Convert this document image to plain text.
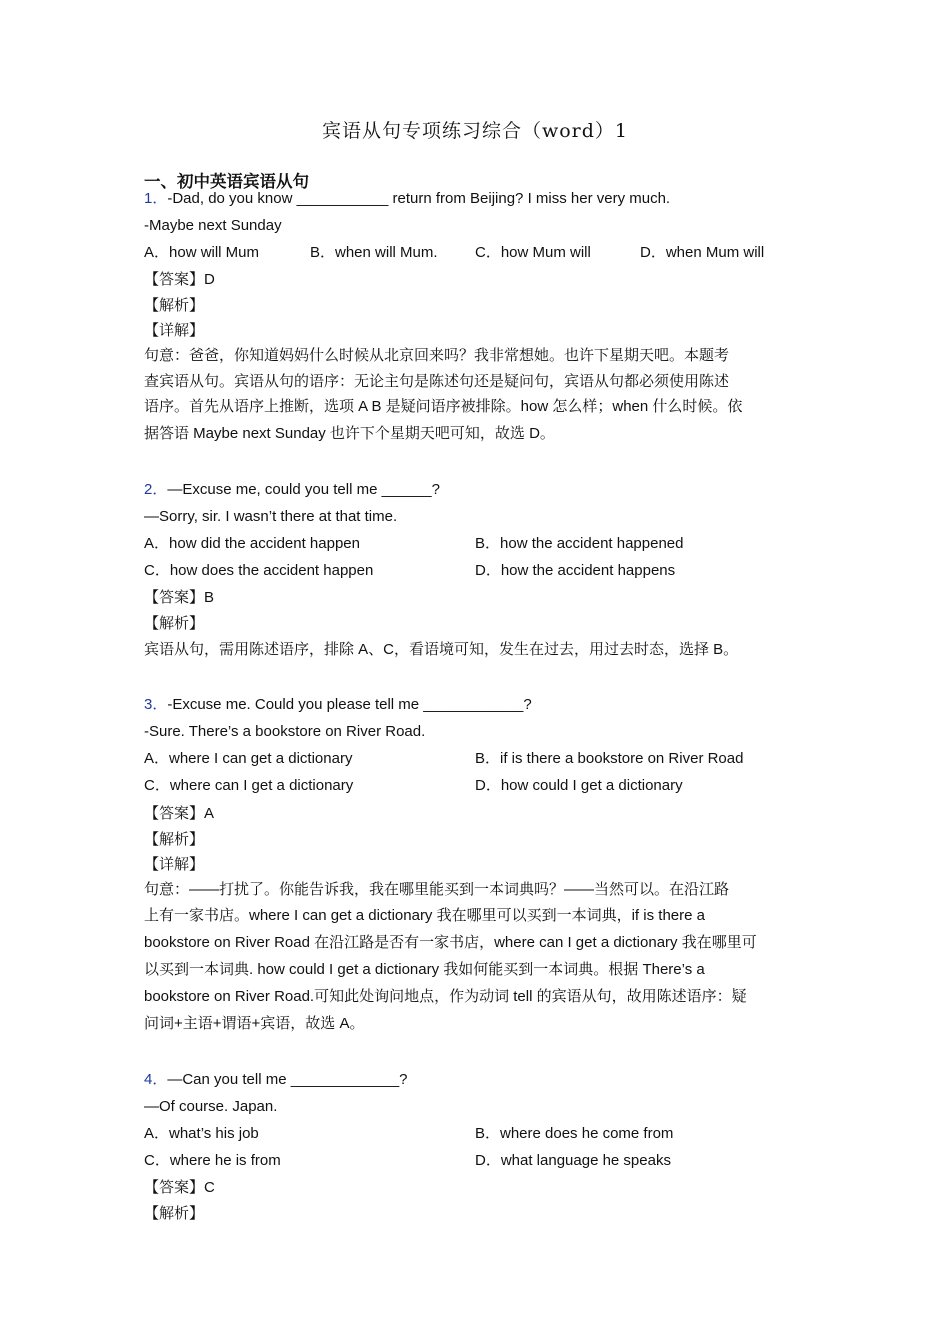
宾语从句专项练习综合（word）1
一、初中英语宾语从句
1．-Dad, do you know ___________ return from Beijing? I miss her very much.
-Maybe next Sunday
A．how will Mum	B．when will Mum. C．how Mum will	D．when Mum will
【答案】D
【解析】
【详解】
句意：爸爸，你知道妈妈什么时候从北京回来吗？我非常想她。也许下星期天吧。本题考
查宾语从句。宾语从句的语序：无论主句是陈述句还是疑问句，宾语从句都必须使用陈述
语序。首先从语序上推断，选项 A B 是疑问语序被排除。how 怎么样；when 什么时候。依
据答语 Maybe next Sunday 也许下个星期天吧可知，故选 D。
2．—Excuse me, could you tell me ______?
—Sorry, sir. I wasn’t there at that time.
A．how did the accident happen	B．how the accident happened
C．how does the accident happen	D．how the accident happens
【答案】B
【解析】
宾语从句，需用陈述语序，排除 A、C，看语境可知，发生在过去，用过去时态，选择 B。
3．-Excuse me. Could you please tell me ____________?
-Sure. There’s a bookstore on River Road.
A．where I can get a dictionary	B．if is there a bookstore on River Road
C．where can I get a dictionary	D．how could I get a dictionary
【答案】A
【解析】
【详解】
句意：——打扰了。你能告诉我，我在哪里能买到一本词典吗？——当然可以。在沿江路
上有一家书店。where I can get a dictionary 我在哪里可以买到一本词典，if is there a
bookstore on River Road 在沿江路是否有一家书店，where can I get a dictionary 我在哪里可
以买到一本词典. how could I get a dictionary 我如何能买到一本词典。根据 There’s a
bookstore on River Road.可知此处询问地点，作为动词 tell 的宾语从句，故用陈述语序：疑
问词+主语+谓语+宾语，故选 A。
4．—Can you tell me _____________?
—Of course. Japan.
A．what’s his job	B．where does he come from
C．where he is from	D．what language he speaks
【答案】C
【解析】
